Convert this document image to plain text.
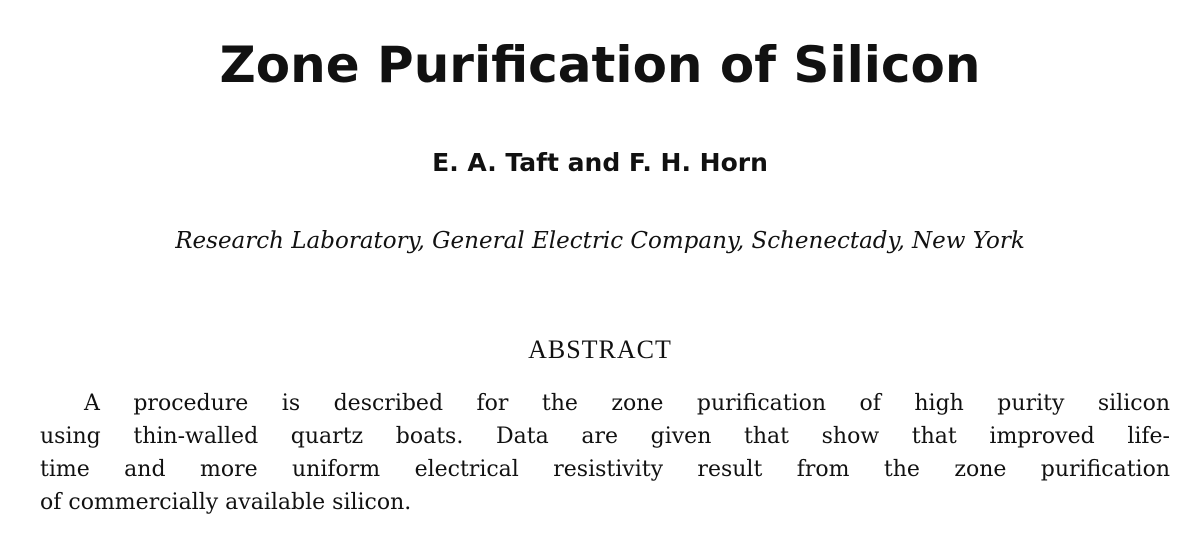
Zone Purification of Silicon
E. A. Taft and F. H. Horn
Research Laboratory, General Electric Company, Schenectady, New York
ABSTRACT

A procedure is described for the zone purification of high purity silicon
using thin-walled quartz boats. Data are given that show that improved life-
time and more uniform electrical resistivity result from the zone purification
of commercially available silicon.
